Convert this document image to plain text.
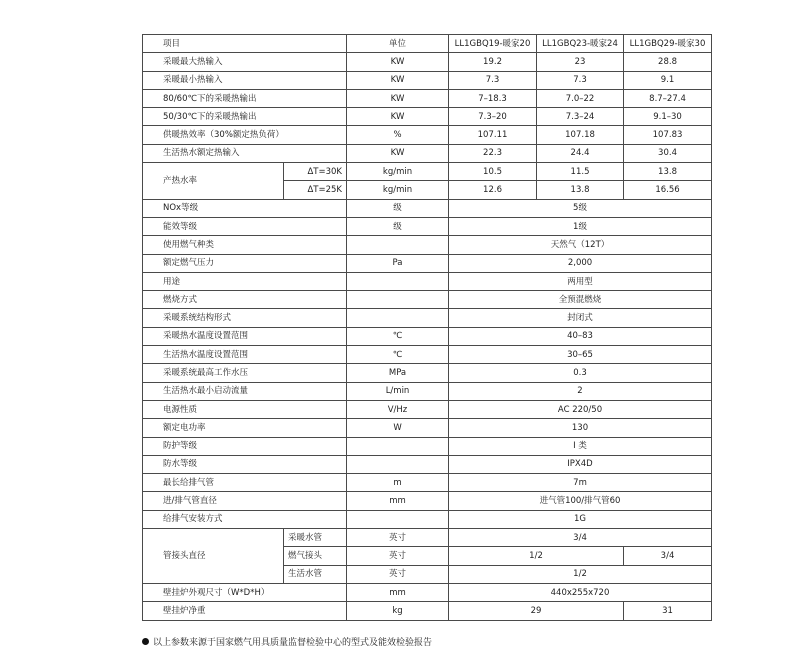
项目		单位	LL1GBQ19-暖家20	LL1GBQ23-暖家24	LL1GBQ29-暖家30
采暖最大热输入		KW	19.2	23	28.8
采暖最小热输入		KW	7.3	7.3	9.1
80/60℃下的采暖热输出		KW	7–18.3	7.0–22	8.7–27.4
50/30℃下的采暖热输出		KW	7.3–20	7.3–24	9.1–30
供暖热效率（30%额定热负荷）		%	107.11	107.18	107.83
生活热水额定热输入		KW	22.3	24.4	30.4
产热水率	ΔT=30K	kg/min	10.5	11.5	13.8
	ΔT=25K	kg/min	12.6	13.8	16.56
NOx等级		级	5级		
能效等级		级	1级		
使用燃气种类			天然气（12T）		
额定燃气压力		Pa	2,000		
用途			两用型		
燃烧方式			全预混燃烧		
采暖系统结构形式			封闭式		
采暖热水温度设置范围		℃	40–83		
生活热水温度设置范围		℃	30–65		
采暖系统最高工作水压		MPa	0.3		
生活热水最小启动流量		L/min	2		
电源性质		V/Hz	AC 220/50		
额定电功率		W	130		
防护等级			I 类		
防水等级			IPX4D		
最长给排气管		m	7m		
进/排气管直径		mm	进气管100/排气管60		
给排气安装方式			1G		
管接头直径	采暖水管	英寸	3/4		
	燃气接头	英寸	1/2		3/4
	生活水管	英寸	1/2		
壁挂炉外观尺寸（W*D*H）		mm	440x255x720		
壁挂炉净重		kg	29		31
以上参数来源于国家燃气用具质量监督检验中心的型式及能效检验报告
